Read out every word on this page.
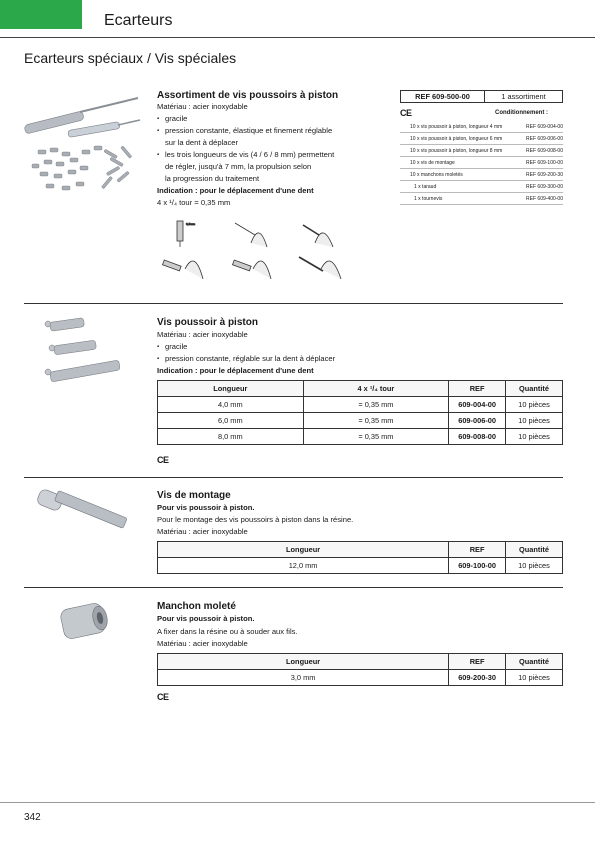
Ecarteurs
Ecarteurs spéciaux / Vis spéciales
Assortiment de vis poussoirs à piston
Matériau : acier inoxydable
▪ gracile
▪ pression constante, élastique et finement réglable
sur la dent à déplacer
▪ les trois longueurs de vis (4 / 6 / 8 mm) permettent
de régler, jusqu'à 7 mm, la propulsion selon
la progression du traitement
Indication : pour le déplacement d'une dent
4 x ¹/₄ tour = 0,35 mm
0,5mm
REF 609-500-00	1 assortiment
CE	Conditionnement :
10 x vis poussoir à piston, longueur 4 mm	REF 609-004-00
10 x vis poussoir à piston, longueur 6 mm	REF 609-006-00
10 x vis poussoir à piston, longueur 8 mm	REF 609-008-00
10 x vis de montage	REF 609-100-00
10 x manchons moletés	REF 609-200-30
1 x taraud	REF 609-300-00
1 x tournevis	REF 609-400-00
Vis poussoir à piston
Matériau : acier inoxydable
▪ gracile
▪ pression constante, réglable sur la dent à déplacer
Indication : pour le déplacement d'une dent
Longueur	4 x ¹/₄ tour	REF	Quantité
4,0 mm	= 0,35 mm	609-004-00	10 pièces
6,0 mm	= 0,35 mm	609-006-00	10 pièces
8,0 mm	= 0,35 mm	609-008-00	10 pièces
CE
Vis de montage
Pour vis poussoir à piston.
Pour le montage des vis poussoirs à piston dans la résine.
Matériau : acier inoxydable
Longueur	REF	Quantité
12,0 mm	609-100-00	10 pièces
Manchon moleté
Pour vis poussoir à piston.
A fixer dans la résine ou à souder aux fils.
Matériau : acier inoxydable
Longueur	REF	Quantité
3,0 mm	609-200-30	10 pièces
CE
342
